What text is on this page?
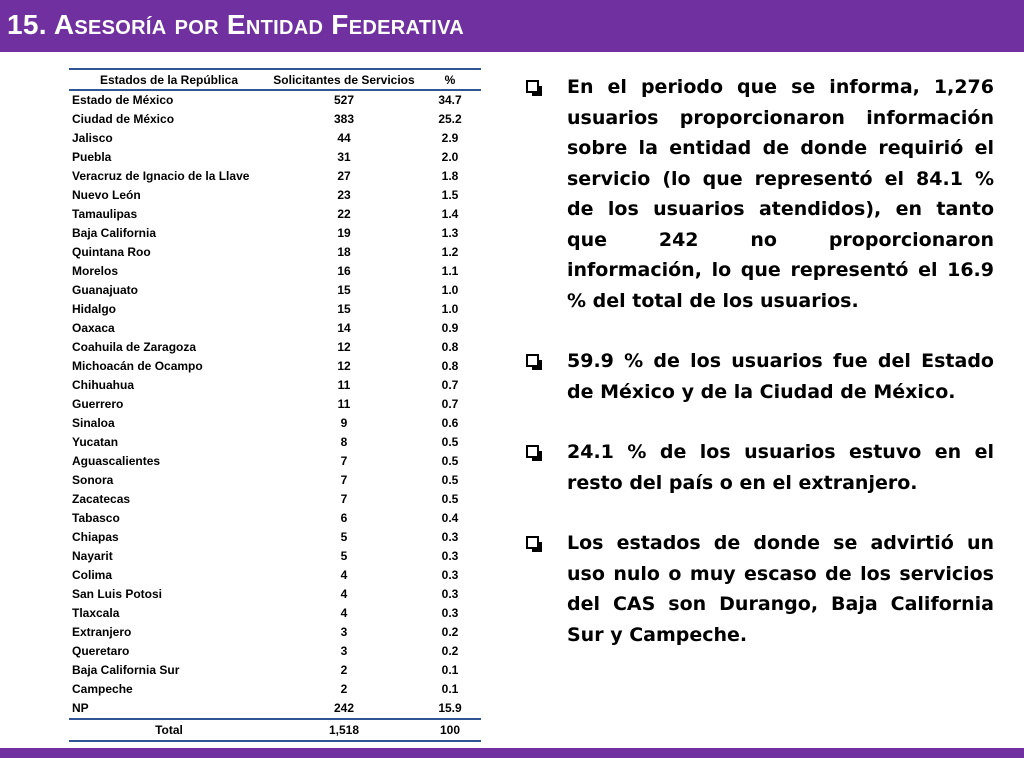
15. Asesoría por Entidad Federativa
Estados de la República	Solicitantes de Servicios	%
Estado de México	527	34.7
Ciudad de México	383	25.2
Jalisco	44	2.9
Puebla	31	2.0
Veracruz de Ignacio de la Llave	27	1.8
Nuevo León	23	1.5
Tamaulipas	22	1.4
Baja California	19	1.3
Quintana Roo	18	1.2
Morelos	16	1.1
Guanajuato	15	1.0
Hidalgo	15	1.0
Oaxaca	14	0.9
Coahuila de Zaragoza	12	0.8
Michoacán de Ocampo	12	0.8
Chihuahua	11	0.7
Guerrero	11	0.7
Sinaloa	9	0.6
Yucatan	8	0.5
Aguascalientes	7	0.5
Sonora	7	0.5
Zacatecas	7	0.5
Tabasco	6	0.4
Chiapas	5	0.3
Nayarit	5	0.3
Colima	4	0.3
San Luis Potosi	4	0.3
Tlaxcala	4	0.3
Extranjero	3	0.2
Queretaro	3	0.2
Baja California Sur	2	0.1
Campeche	2	0.1
NP	242	15.9
Total	1,518	100
En el periodo que se informa, 1,276 usuarios proporcionaron información sobre la entidad de donde requirió el servicio (lo que representó el 84.1 % de los usuarios atendidos), en tanto que 242 no proporcionaron información, lo que representó el 16.9 % del total de los usuarios.
59.9 % de los usuarios fue del Estado de México y de la Ciudad de México.
24.1 % de los usuarios estuvo en el resto del país o en el extranjero.
Los estados de donde se advirtió un uso nulo o muy escaso de los servicios del CAS son Durango, Baja California Sur y Campeche.
